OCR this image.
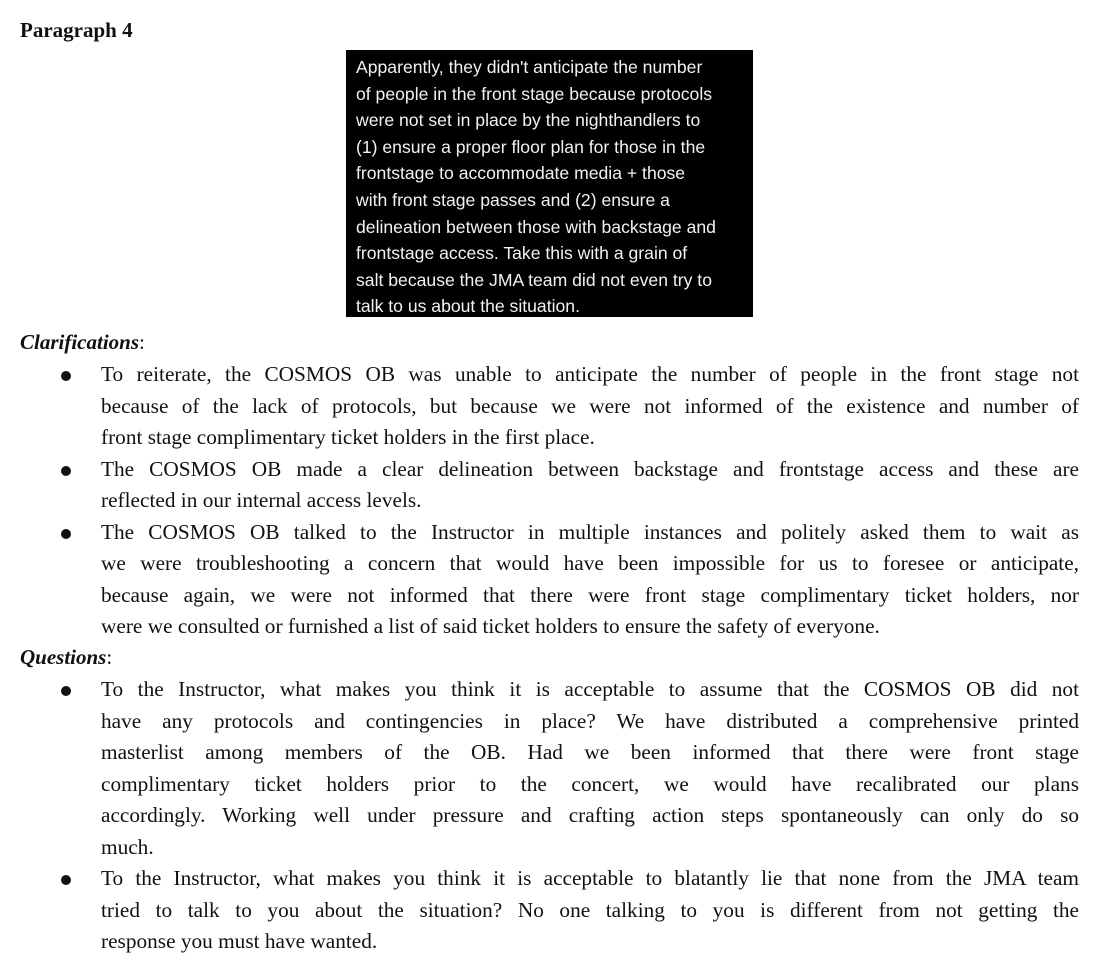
Paragraph 4
Apparently, they didn't anticipate the number
of people in the front stage because protocols
were not set in place by the nighthandlers to
(1) ensure a proper floor plan for those in the
frontstage to accommodate media + those
with front stage passes and (2) ensure a
delineation between those with backstage and
frontstage access. Take this with a grain of
salt because the JMA team did not even try to
talk to us about the situation.

Clarifications:

To reiterate, the COSMOS OB was unable to anticipate the number of people in the front stage not
because of the lack of protocols, but because we were not informed of the existence and number of
front stage complimentary ticket holders in the first place.
The COSMOS OB made a clear delineation between backstage and frontstage access and these are
reflected in our internal access levels.
The COSMOS OB talked to the Instructor in multiple instances and politely asked them to wait as
we were troubleshooting a concern that would have been impossible for us to foresee or anticipate,
because again, we were not informed that there were front stage complimentary ticket holders, nor
were we consulted or furnished a list of said ticket holders to ensure the safety of everyone.

Questions:

To the Instructor, what makes you think it is acceptable to assume that the COSMOS OB did not
have any protocols and contingencies in place? We have distributed a comprehensive printed
masterlist among members of the OB. Had we been informed that there were front stage
complimentary ticket holders prior to the concert, we would have recalibrated our plans
accordingly. Working well under pressure and crafting action steps spontaneously can only do so
much.
To the Instructor, what makes you think it is acceptable to blatantly lie that none from the JMA team
tried to talk to you about the situation? No one talking to you is different from not getting the
response you must have wanted.
